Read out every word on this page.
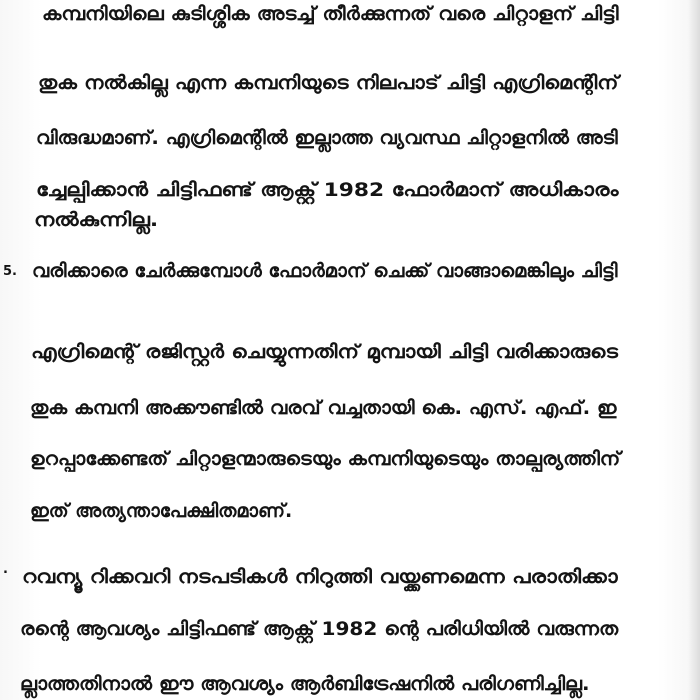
കമ്പനിയിലെ കുടിശ്ശിക അടച്ച് തീർക്കുന്നത് വരെ ചിറ്റാളന് ചിട്ടി
തുക നൽകില്ല എന്ന കമ്പനിയുടെ നിലപാട് ചിട്ടി എഗ്രിമെന്റിന്
വിരുദ്ധമാണ്. എഗ്രിമെന്റിൽ ഇല്ലാത്ത വ്യവസ്ഥ ചിറ്റാളനിൽ അടി
ച്ചേല്പിക്കാൻ ചിട്ടിഫണ്ട് ആക്റ്റ് 1982 ഫോർമാന് അധികാരം
നൽകുന്നില്ല.
5. വരിക്കാരെ ചേർക്കുമ്പോൾ ഫോർമാന് ചെക്ക് വാങ്ങാമെങ്കിലും ചിട്ടി
എഗ്രിമെന്റ് രജിസ്റ്റർ ചെയ്യുന്നതിന് മുമ്പായി ചിട്ടി വരിക്കാരുടെ
തുക കമ്പനി അക്കൗണ്ടിൽ വരവ് വച്ചതായി കെ. എസ്. എഫ്. ഇ
ഉറപ്പാക്കേണ്ടത് ചിറ്റാളന്മാരുടെയും കമ്പനിയുടെയും താല്പര്യത്തിന്
ഇത് അത്യന്താപേക്ഷിതമാണ്.
. റവന്യൂ റിക്കവറി നടപടികൾ നിറുത്തി വയ്ക്കണമെന്ന പരാതിക്കാ
രന്റെ ആവശ്യം ചിട്ടിഫണ്ട് ആക്റ്റ് 1982 ന്റെ പരിധിയിൽ വരുന്നത
ല്ലാത്തതിനാൽ ഈ ആവശ്യം ആർബിട്രേഷനിൽ പരിഗണിച്ചില്ല.
